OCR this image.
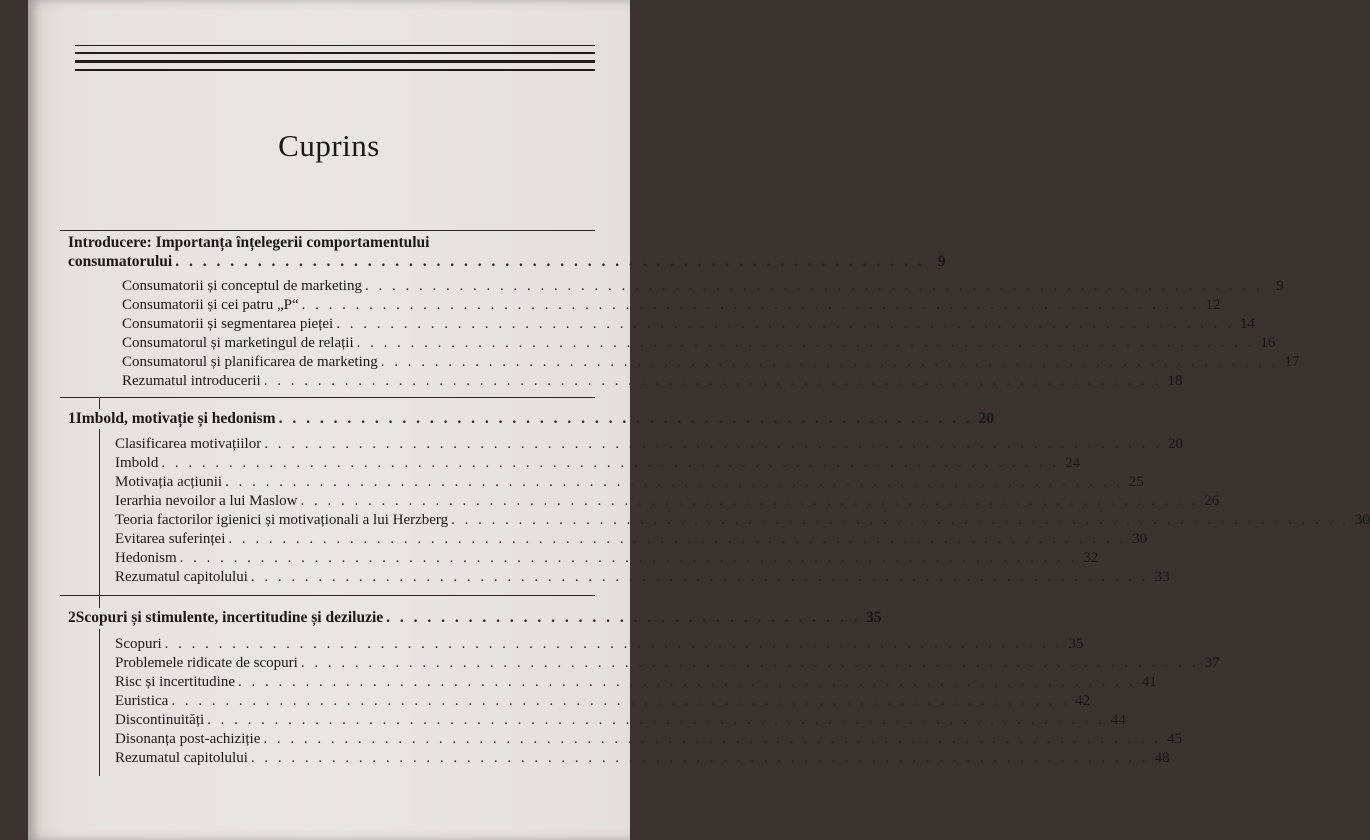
Cuprins
Introducere: Importanța înțelegerii comportamentului
consumatorului . . . . . . . . . . . . . . . . . . . . . . . . . . . . . . . . . . . . . . . . . . . . . . . . . . . . . . . 9
Consumatorii și conceptul de marketing . . . . . . . . . . . . . . . . . . . . . . . . . . . . . . . . . . . . . . . . . . . . . . . . . . . . . . . . . . . . . . . . . . . 9
Consumatorii și cei patru „P“ . . . . . . . . . . . . . . . . . . . . . . . . . . . . . . . . . . . . . . . . . . . . . . . . . . . . . . . . . . . . . . . . . . . 12
Consumatorii și segmentarea pieței . . . . . . . . . . . . . . . . . . . . . . . . . . . . . . . . . . . . . . . . . . . . . . . . . . . . . . . . . . . . . . . . . . . 14
Consumatorul și marketingul de relații . . . . . . . . . . . . . . . . . . . . . . . . . . . . . . . . . . . . . . . . . . . . . . . . . . . . . . . . . . . . . . . . . . . 16
Consumatorul și planificarea de marketing . . . . . . . . . . . . . . . . . . . . . . . . . . . . . . . . . . . . . . . . . . . . . . . . . . . . . . . . . . . . . . . . . . . 17
Rezumatul introducerii . . . . . . . . . . . . . . . . . . . . . . . . . . . . . . . . . . . . . . . . . . . . . . . . . . . . . . . . . . . . . . . . . . . 18
1 Imbold, motivație și hedonism . . . . . . . . . . . . . . . . . . . . . . . . . . . . . . . . . . . . . . . . . . . . . . . . . . . 20
Clasificarea motivațiilor . . . . . . . . . . . . . . . . . . . . . . . . . . . . . . . . . . . . . . . . . . . . . . . . . . . . . . . . . . . . . . . . . . . 20
Imbold . . . . . . . . . . . . . . . . . . . . . . . . . . . . . . . . . . . . . . . . . . . . . . . . . . . . . . . . . . . . . . . . . . . 24
Motivația acțiunii . . . . . . . . . . . . . . . . . . . . . . . . . . . . . . . . . . . . . . . . . . . . . . . . . . . . . . . . . . . . . . . . . . . 25
Ierarhia nevoilor a lui Maslow . . . . . . . . . . . . . . . . . . . . . . . . . . . . . . . . . . . . . . . . . . . . . . . . . . . . . . . . . . . . . . . . . . . 26
Teoria factorilor igienici și motivaționali a lui Herzberg . . . . . . . . . . . . . . . . . . . . . . . . . . . . . . . . . . . . . . . . . . . . . . . . . . . . . . . . . . . . . . . . . . . 30
Evitarea suferinței . . . . . . . . . . . . . . . . . . . . . . . . . . . . . . . . . . . . . . . . . . . . . . . . . . . . . . . . . . . . . . . . . . . 30
Hedonism . . . . . . . . . . . . . . . . . . . . . . . . . . . . . . . . . . . . . . . . . . . . . . . . . . . . . . . . . . . . . . . . . . . 32
Rezumatul capitolului . . . . . . . . . . . . . . . . . . . . . . . . . . . . . . . . . . . . . . . . . . . . . . . . . . . . . . . . . . . . . . . . . . . 33
2 Scopuri și stimulente, incertitudine și deziluzie . . . . . . . . . . . . . . . . . . . . . . . . . . . . . . . . . . . 35
Scopuri . . . . . . . . . . . . . . . . . . . . . . . . . . . . . . . . . . . . . . . . . . . . . . . . . . . . . . . . . . . . . . . . . . . 35
Problemele ridicate de scopuri . . . . . . . . . . . . . . . . . . . . . . . . . . . . . . . . . . . . . . . . . . . . . . . . . . . . . . . . . . . . . . . . . . . 37
Risc și incertitudine . . . . . . . . . . . . . . . . . . . . . . . . . . . . . . . . . . . . . . . . . . . . . . . . . . . . . . . . . . . . . . . . . . . 41
Euristica . . . . . . . . . . . . . . . . . . . . . . . . . . . . . . . . . . . . . . . . . . . . . . . . . . . . . . . . . . . . . . . . . . . 42
Discontinuități . . . . . . . . . . . . . . . . . . . . . . . . . . . . . . . . . . . . . . . . . . . . . . . . . . . . . . . . . . . . . . . . . . . 44
Disonanța post-achiziție . . . . . . . . . . . . . . . . . . . . . . . . . . . . . . . . . . . . . . . . . . . . . . . . . . . . . . . . . . . . . . . . . . . 45
Rezumatul capitolului . . . . . . . . . . . . . . . . . . . . . . . . . . . . . . . . . . . . . . . . . . . . . . . . . . . . . . . . . . . . . . . . . . . 48
